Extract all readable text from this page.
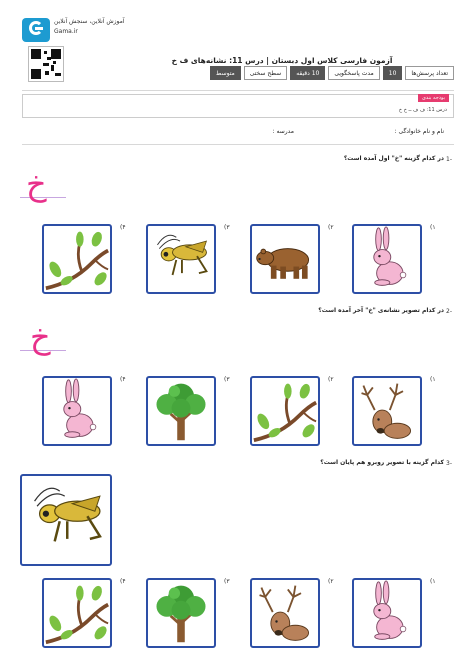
آموزش آنلاین، سنجش آنلاین
Gama.ir
آزمون فارسی کلاس اول دبستان | درس 11: نشانه‌های ف خ
تعداد پرسش‌ها
10
مدت پاسخگویی
10 دقیقه
سطح سختی
متوسط
بودجه بندی
درس 11: ف ف ــ خ خ
نام و نام خانوادگی :
مدرسه :
1-
در کدام گزینه "خ" اول آمده است؟
خ
(۱
(۲
(۳
(۴
2-
در کدام تصویر نشانه‌ی "خ" آخر آمده است؟
خ
(۱
(۲
(۳
(۴
3-
کدام گزینه با تصویر روبرو هم پایان است؟
(۱
(۲
(۳
(۴
